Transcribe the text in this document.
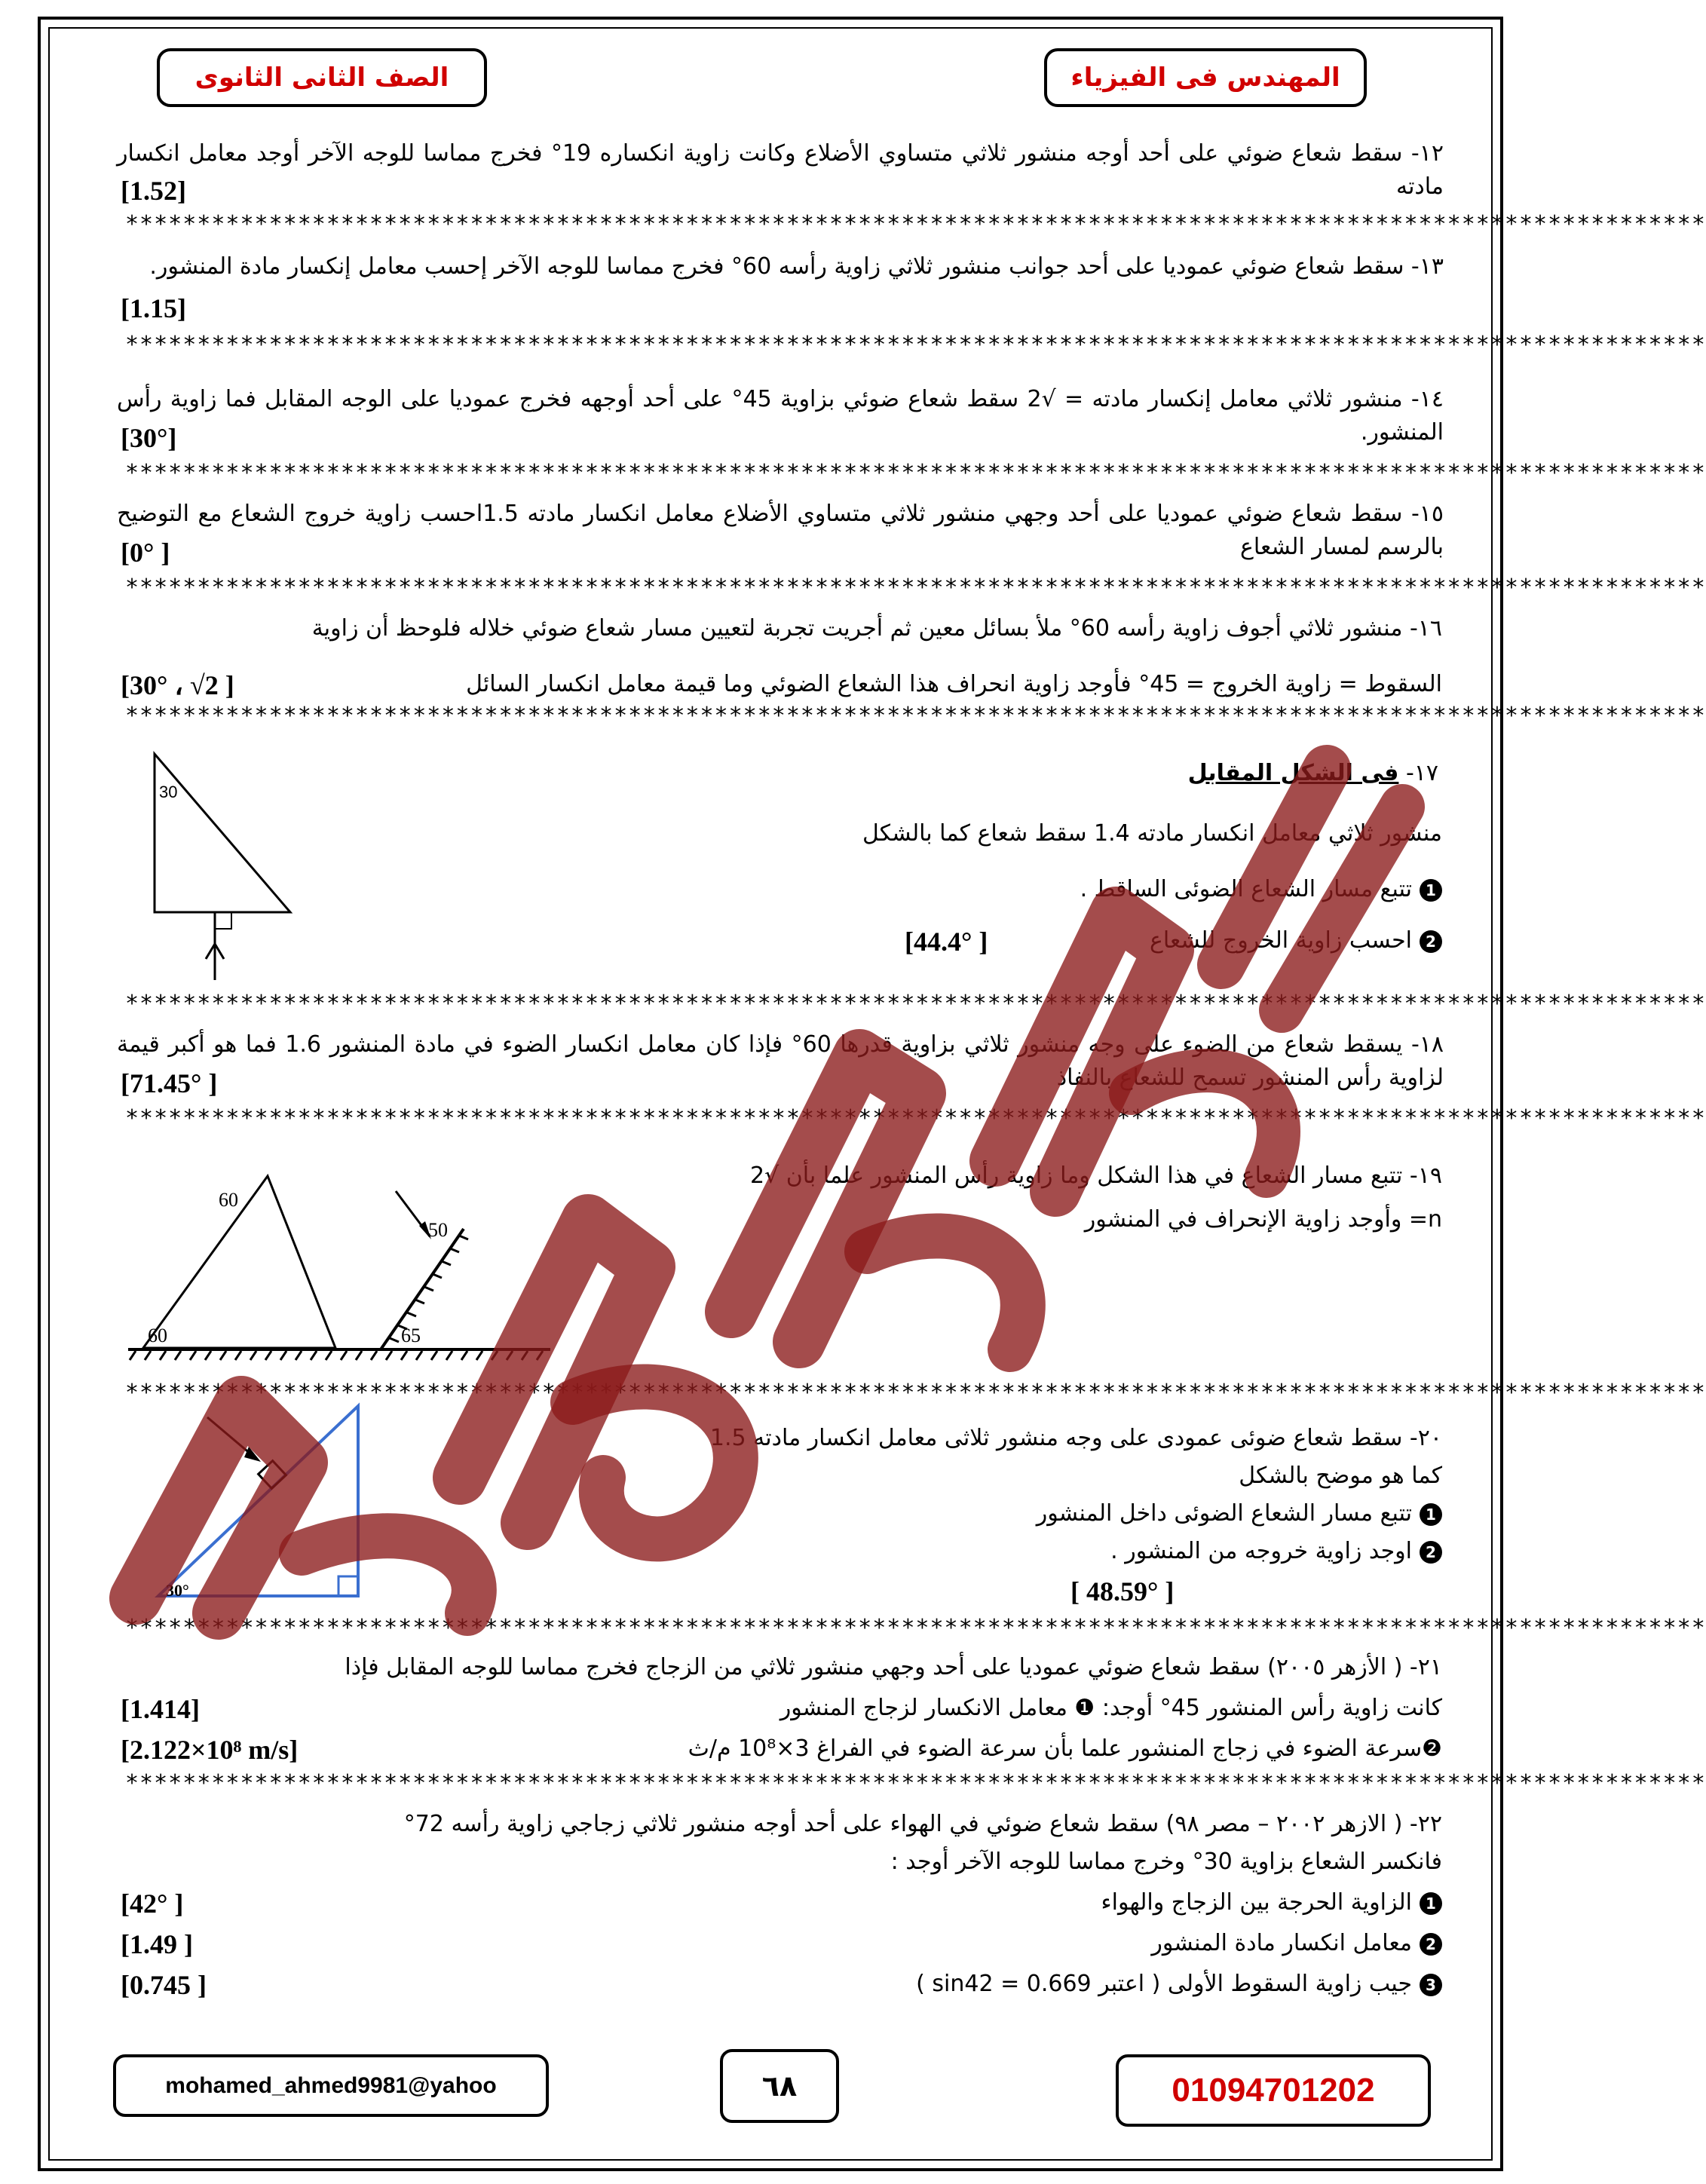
المهندس فى الفيزياء
الصف الثانى الثانوى
١٢- سقط شعاع ضوئي على أحد أوجه منشور ثلاثي متساوي الأضلاع وكانت زاوية انكساره 19° فخرج مماسا للوجه الآخر أوجد معامل انكسار مادته
[1.52]
**************************************************************************************************************
١٣- سقط شعاع ضوئي عموديا على أحد جوانب منشور ثلاثي زاوية رأسه 60° فخرج مماسا للوجه الآخر إحسب معامل إنكسار مادة المنشور.
[1.15]
**************************************************************************************************************
١٤- منشور ثلاثي معامل إنكسار مادته = √2 سقط شعاع ضوئي بزاوية 45° على أحد أوجهه فخرج عموديا على الوجه المقابل فما زاوية رأس المنشور.
[30°]
**************************************************************************************************************
١٥- سقط شعاع ضوئي عموديا على أحد وجهي منشور ثلاثي متساوي الأضلاع معامل انكسار مادته 1.5احسب زاوية خروج الشعاع مع التوضيح بالرسم لمسار الشعاع
[0° ]
**************************************************************************************************************
١٦- منشور ثلاثي أجوف زاوية رأسه 60° ملأ بسائل معين ثم أجريت تجربة لتعيين مسار شعاع ضوئي خلاله فلوحظ أن زاوية
السقوط = زاوية الخروج = 45° فأوجد زاوية انحراف هذا الشعاع الضوئي وما قيمة معامل انكسار السائل
[30° ، √2 ]
**************************************************************************************************************
30
١٧- فى الشكل المقابل
منشور ثلاثي معامل انكسار مادته 1.4 سقط شعاع كما بالشكل
1تتبع مسار الشعاع الضوئى الساقط .
2احسب زاوية الخروج للشعاع
[44.4° ]
**************************************************************************************************************
١٨- يسقط شعاع من الضوء على وجه منشور ثلاثي بزاوية قدرها 60° فإذا كان معامل انكسار الضوء في مادة المنشور 1.6 فما هو أكبر قيمة لزاوية رأس المنشور تسمح للشعاع بالنفاذ
[71.45° ]
**************************************************************************************************************
60
60
50
65
١٩- تتبع مسار الشعاع في هذا الشكل وما زاوية رأس المنشور علما بأن √2
n= وأوجد زاوية الإنحراف في المنشور
**************************************************************************************************************
30°
٢٠- سقط شعاع ضوئى عمودى على وجه منشور ثلاثى معامل انكسار مادته 1.5
كما هو موضح بالشكل
1تتبع مسار الشعاع الضوئى داخل المنشور
2اوجد زاوية خروجه من المنشور .
[ 48.59° ]
**************************************************************************************************************
٢١- ( الأزهر ٢٠٠٥) سقط شعاع ضوئي عموديا على أحد وجهي منشور ثلاثي من الزجاج فخرج مماسا للوجه المقابل فإذا
كانت زاوية رأس المنشور 45° أوجد: ❶ معامل الانكسار لزجاج المنشور
[1.414]
❷سرعة الضوء في زجاج المنشور علما بأن سرعة الضوء في الفراغ 3×10⁸ م/ث
[2.122×10⁸ m/s]
**************************************************************************************************************
٢٢- ( الازهر ٢٠٠٢ – مصر ٩٨) سقط شعاع ضوئي في الهواء على أحد أوجه منشور ثلاثي زجاجي زاوية رأسه 72°
فانكسر الشعاع بزاوية 30° وخرج مماسا للوجه الآخر أوجد :
1الزاوية الحرجة بين الزجاج والهواء
[42° ]
2معامل انكسار مادة المنشور
[1.49 ]
3جيب زاوية السقوط الأولى ( اعتبر sin42 = 0.669 )
[0.745 ]
mohamed_ahmed9981@yahoo	٦٨	01094701202
